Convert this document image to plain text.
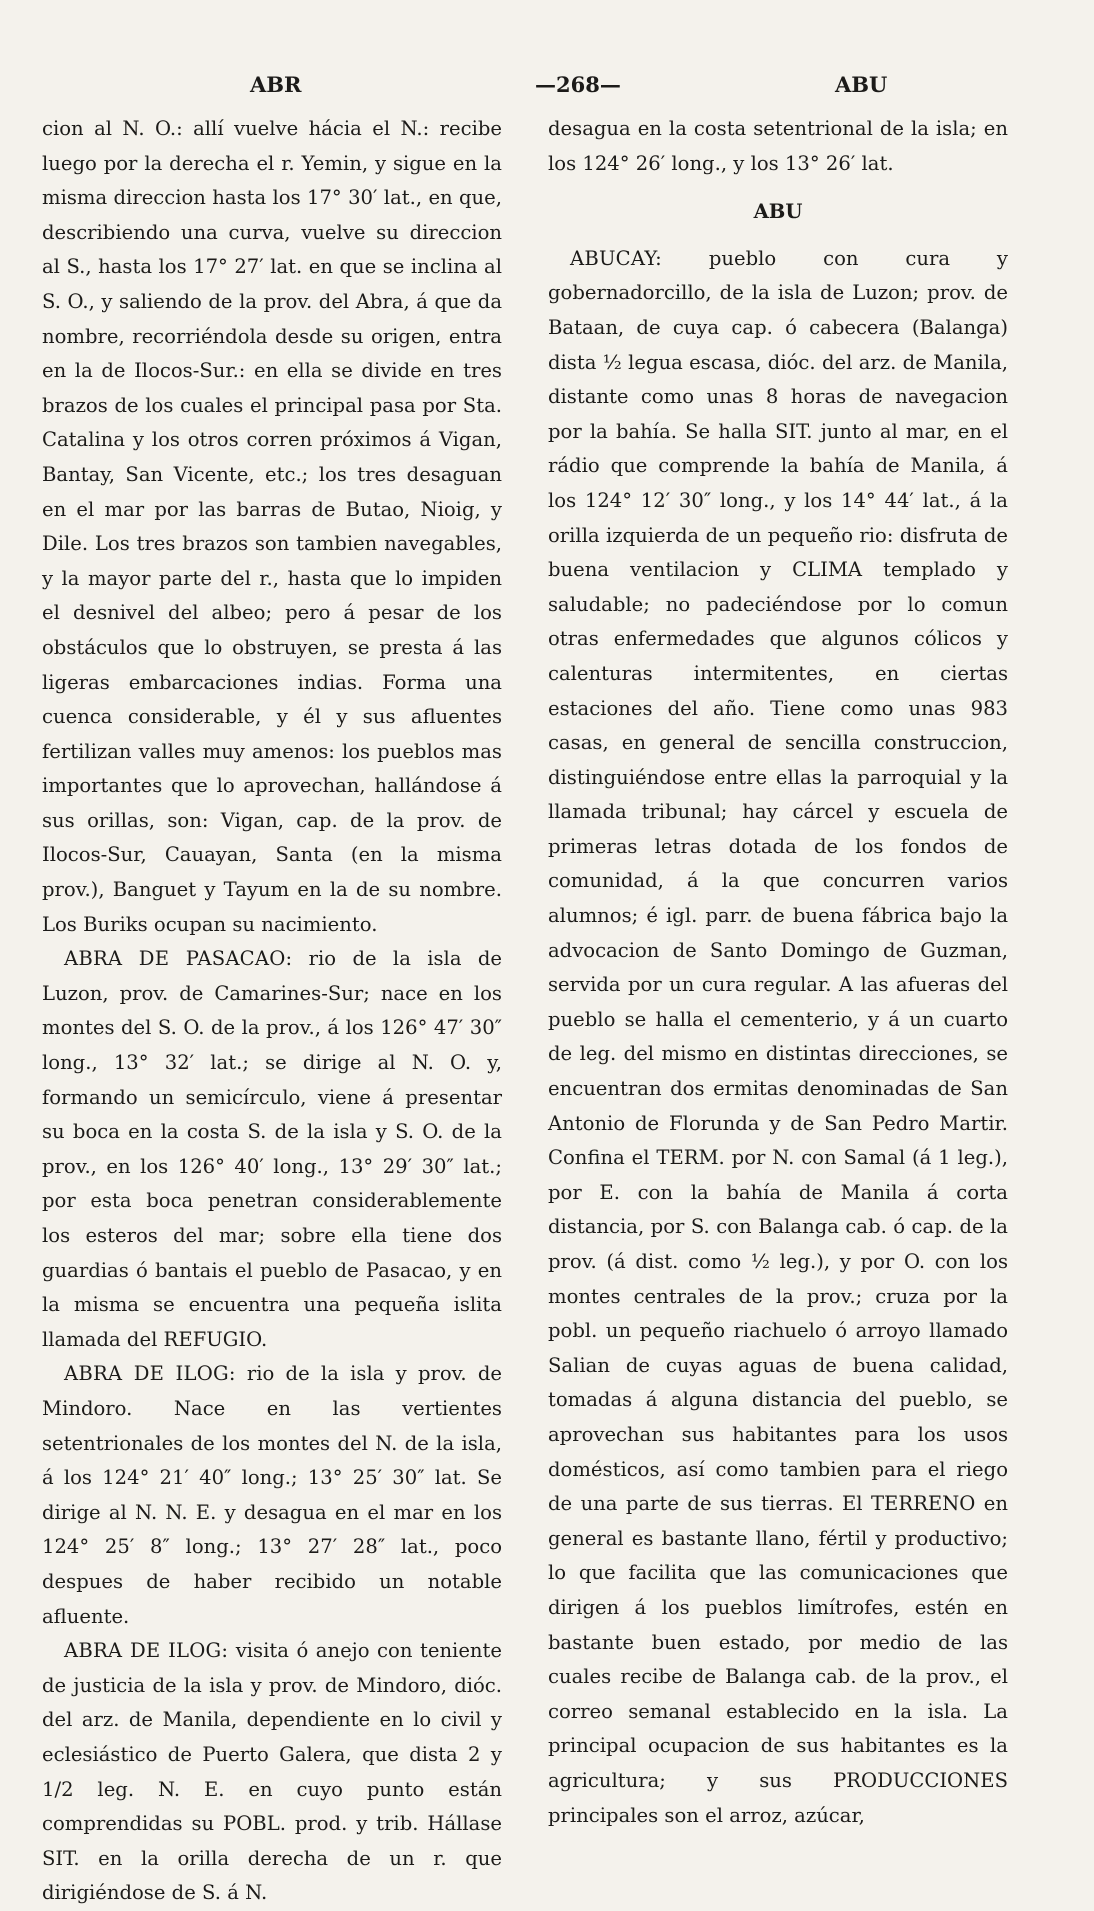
ABR	—268—	ABU

cion al N. O.: allí vuelve hácia el N.: recibe luego por la derecha el r. Yemin, y sigue en la misma direccion hasta los 17° 30′ lat., en que, describiendo una curva, vuelve su direccion al S., hasta los 17° 27′ lat. en que se inclina al S. O., y saliendo de la prov. del Abra, á que da nombre, recorriéndola desde su origen, entra en la de Ilocos-Sur.: en ella se divide en tres brazos de los cuales el principal pasa por Sta. Catalina y los otros corren próximos á Vigan, Bantay, San Vicente, etc.; los tres desaguan en el mar por las barras de Butao, Nioig, y Dile. Los tres brazos son tambien navegables, y la mayor parte del r., hasta que lo impiden el desnivel del albeo; pero á pesar de los obstáculos que lo obstruyen, se presta á las ligeras embarcaciones indias. Forma una cuenca considerable, y él y sus afluentes fertilizan valles muy amenos: los pueblos mas importantes que lo aprovechan, hallándose á sus orillas, son: Vigan, cap. de la prov. de Ilocos-Sur, Cauayan, Santa (en la misma prov.), Banguet y Tayum en la de su nombre. Los Buriks ocupan su nacimiento.

ABRA DE PASACAO: rio de la isla de Luzon, prov. de Camarines-Sur; nace en los montes del S. O. de la prov., á los 126° 47′ 30″ long., 13° 32′ lat.; se dirige al N. O. y, formando un semicírculo, viene á presentar su boca en la costa S. de la isla y S. O. de la prov., en los 126° 40′ long., 13° 29′ 30″ lat.; por esta boca penetran considerablemente los esteros del mar; sobre ella tiene dos guardias ó bantais el pueblo de Pasacao, y en la misma se encuentra una pequeña islita llamada del REFUGIO.

ABRA DE ILOG: rio de la isla y prov. de Mindoro. Nace en las vertientes setentrionales de los montes del N. de la isla, á los 124° 21′ 40″ long.; 13° 25′ 30″ lat. Se dirige al N. N. E. y desagua en el mar en los 124° 25′ 8″ long.; 13° 27′ 28″ lat., poco despues de haber recibido un notable afluente.

ABRA DE ILOG: visita ó anejo con teniente de justicia de la isla y prov. de Mindoro, dióc. del arz. de Manila, dependiente en lo civil y eclesiástico de Puerto Galera, que dista 2 y 1/2 leg. N. E. en cuyo punto están comprendidas su POBL. prod. y trib. Hállase SIT. en la orilla derecha de un r. que dirigiéndose de S. á N.

desagua en la costa setentrional de la isla; en los 124° 26′ long., y los 13° 26′ lat.

ABU

ABUCAY: pueblo con cura y gobernadorcillo, de la isla de Luzon; prov. de Bataan, de cuya cap. ó cabecera (Balanga) dista ½ legua escasa, dióc. del arz. de Manila, distante como unas 8 horas de navegacion por la bahía. Se halla SIT. junto al mar, en el rádio que comprende la bahía de Manila, á los 124° 12′ 30″ long., y los 14° 44′ lat., á la orilla izquierda de un pequeño rio: disfruta de buena ventilacion y CLIMA templado y saludable; no padeciéndose por lo comun otras enfermedades que algunos cólicos y calenturas intermitentes, en ciertas estaciones del año. Tiene como unas 983 casas, en general de sencilla construccion, distinguiéndose entre ellas la parroquial y la llamada tribunal; hay cárcel y escuela de primeras letras dotada de los fondos de comunidad, á la que concurren varios alumnos; é igl. parr. de buena fábrica bajo la advocacion de Santo Domingo de Guzman, servida por un cura regular. A las afueras del pueblo se halla el cementerio, y á un cuarto de leg. del mismo en distintas direcciones, se encuentran dos ermitas denominadas de San Antonio de Florunda y de San Pedro Martir. Confina el TERM. por N. con Samal (á 1 leg.), por E. con la bahía de Manila á corta distancia, por S. con Balanga cab. ó cap. de la prov. (á dist. como ½ leg.), y por O. con los montes centrales de la prov.; cruza por la pobl. un pequeño riachuelo ó arroyo llamado Salian de cuyas aguas de buena calidad, tomadas á alguna distancia del pueblo, se aprovechan sus habitantes para los usos domésticos, así como tambien para el riego de una parte de sus tierras. El TERRENO en general es bastante llano, fértil y productivo; lo que facilita que las comunicaciones que dirigen á los pueblos limítrofes, estén en bastante buen estado, por medio de las cuales recibe de Balanga cab. de la prov., el correo semanal establecido en la isla. La principal ocupacion de sus habitantes es la agricultura; y sus PRODUCCIONES principales son el arroz, azúcar,
